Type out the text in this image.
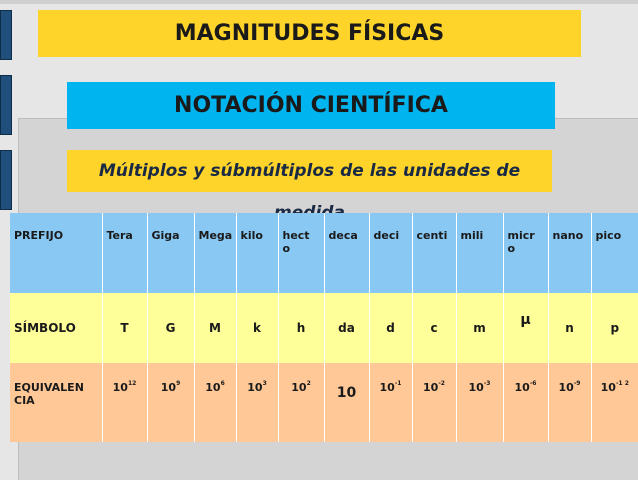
MAGNITUDES FÍSICAS
NOTACIÓN CIENTÍFICA
Múltiplos y súbmúltiplos de las unidades de
PREFIJO	Tera	Giga	Mega	kilo	hect o	deca	deci	centi	mili	micr o	nano	pico
SÍMBOLO	T	G	M	k	h	da	d	c	m	μ	n	p
EQUIVALEN CIA	$10^{12}$	$10^9$	$10^6$	$10^3$	$10^2$	10	$10^{-1}$	$10^{-2}$	$10^{-3}$	$10^{-6}$	$10^{-9}$	$10^{-1 2}$
